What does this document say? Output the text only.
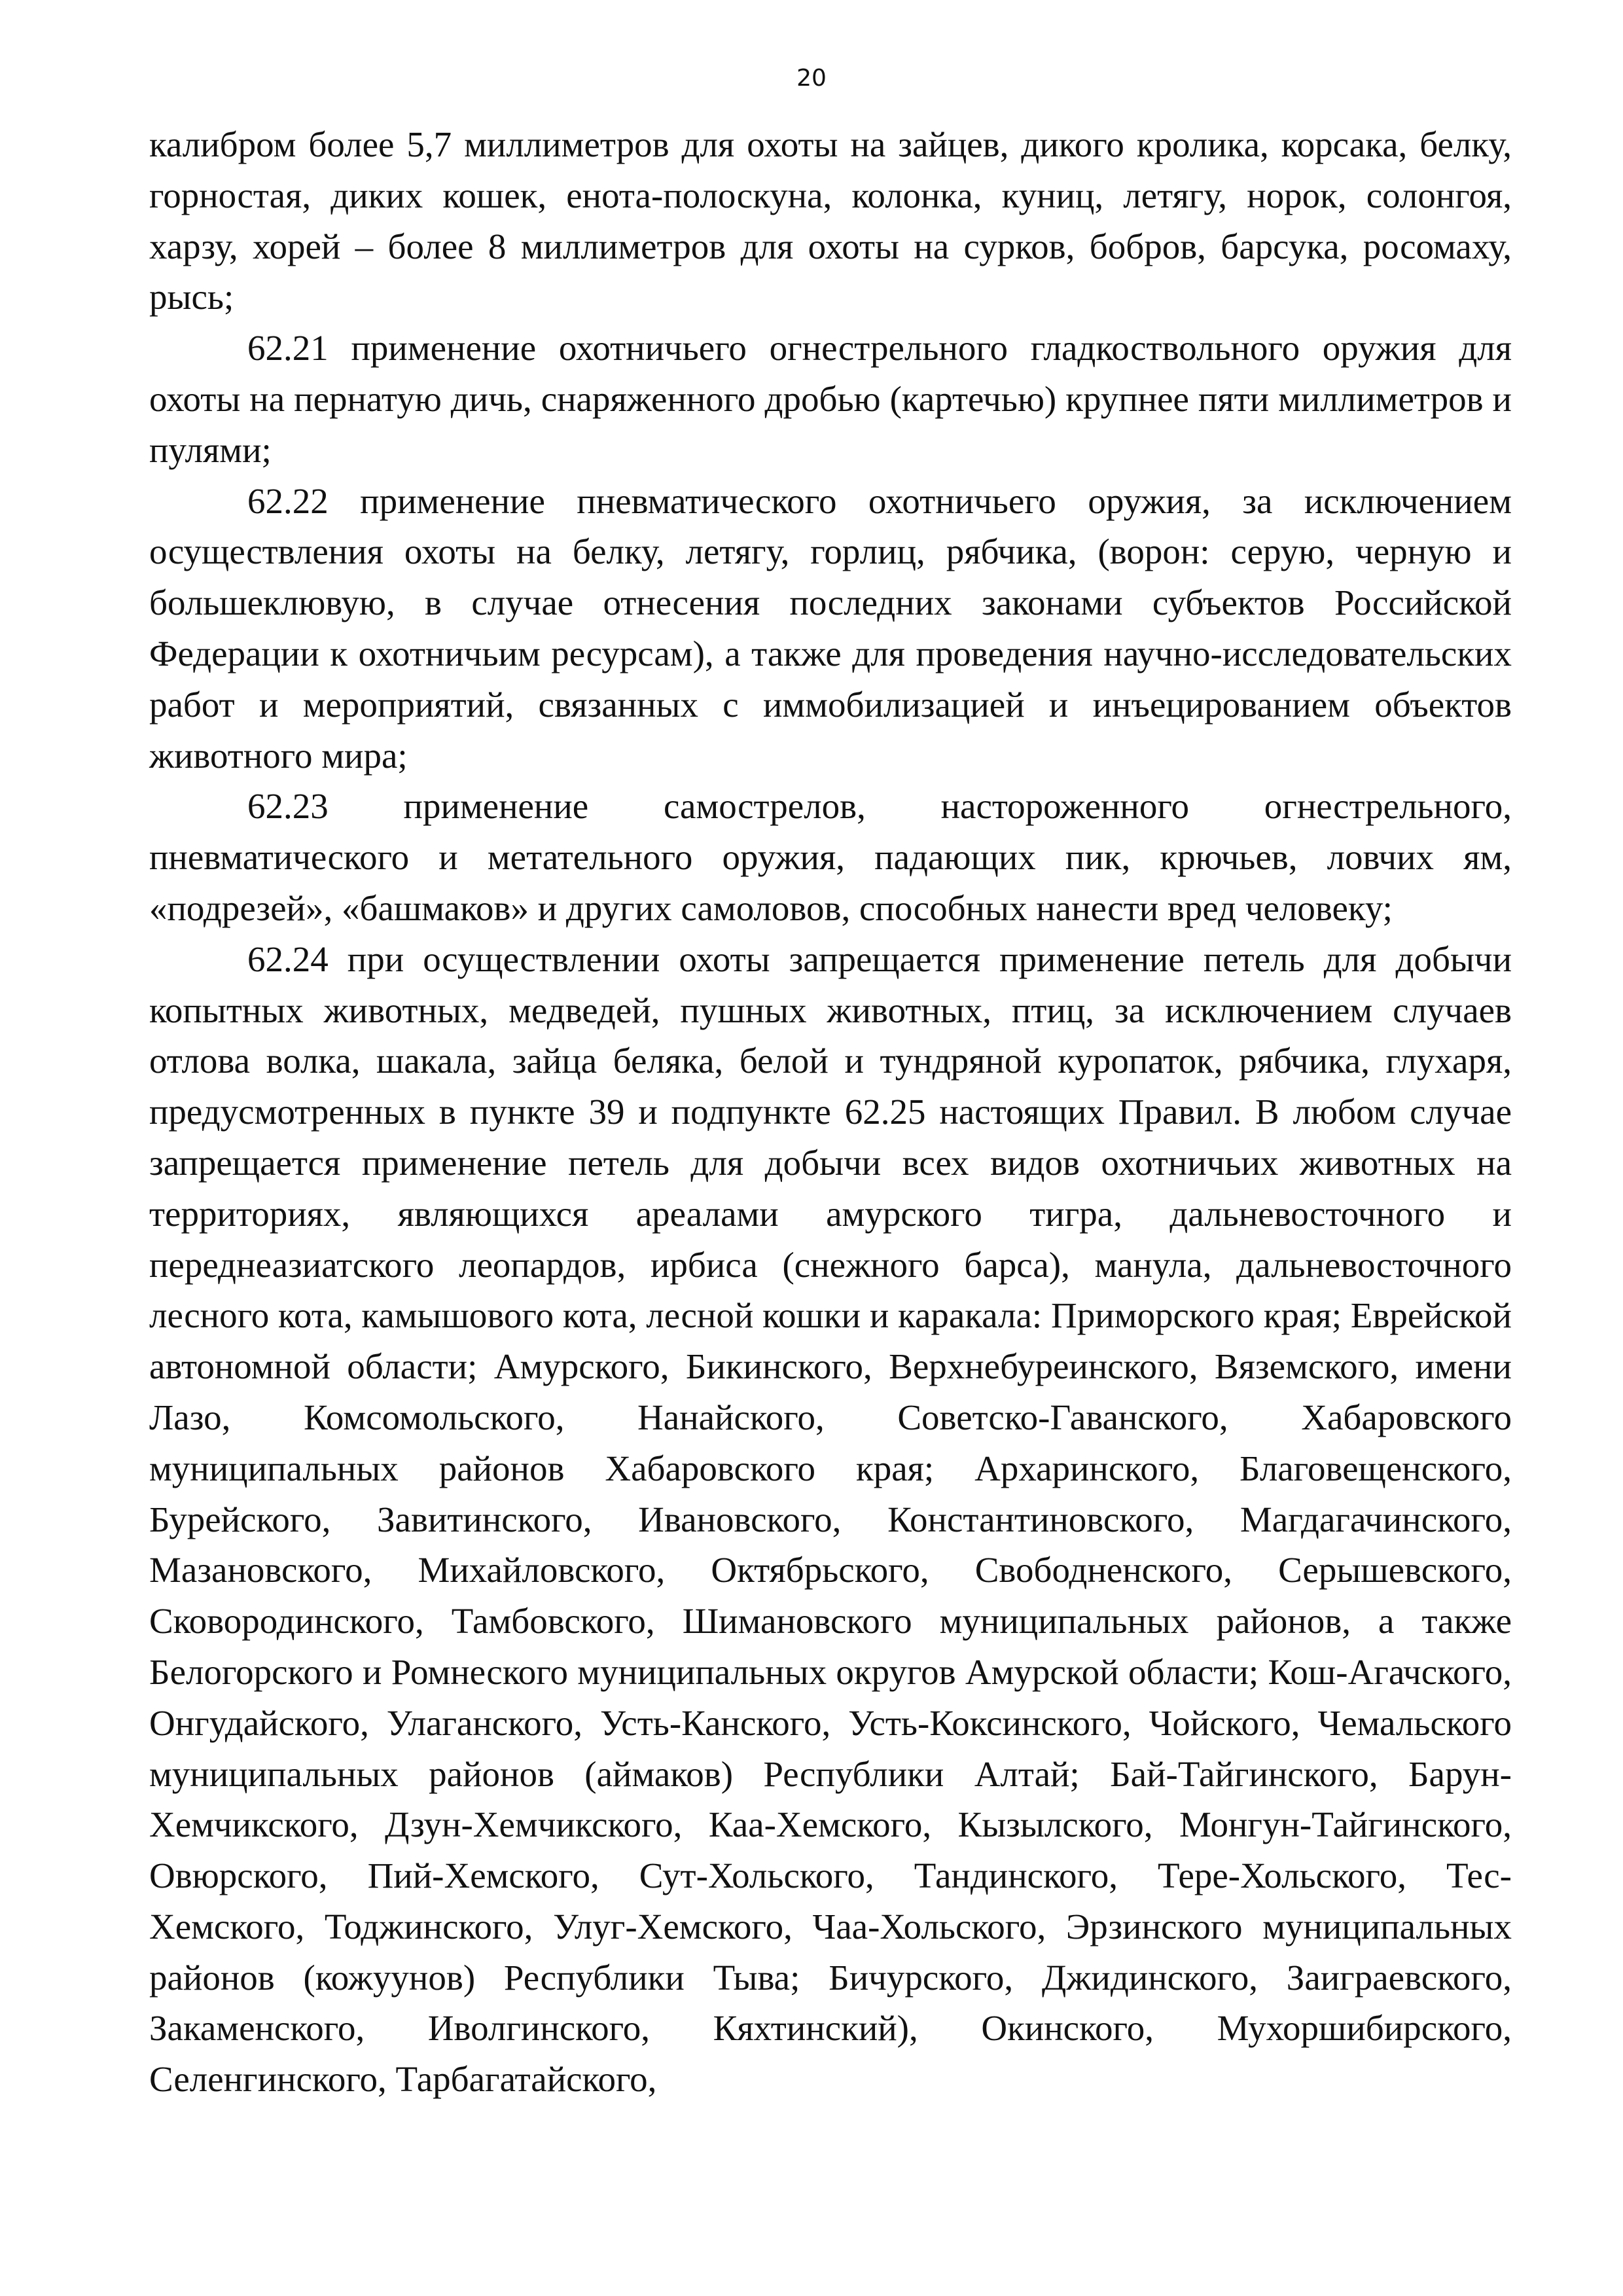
20

калибром более 5,7 миллиметров для охоты на зайцев, дикого кролика, корсака, белку, горностая, диких кошек, енота-полоскуна, колонка, куниц, летягу, норок, солонгоя, харзу, хорей – более 8 миллиметров для охоты на сурков, бобров, барсука, росомаху, рысь;

62.21 применение охотничьего огнестрельного гладкоствольного оружия для охоты на пернатую дичь, снаряженного дробью (картечью) крупнее пяти миллиметров и пулями;

62.22 применение пневматического охотничьего оружия, за исключением осуществления охоты на белку, летягу, горлиц, рябчика, (ворон: серую, черную и большеклювую, в случае отнесения последних законами субъектов Российской Федерации к охотничьим ресурсам), а также для проведения научно-исследовательских работ и мероприятий, связанных с иммобилизацией и инъецированием объектов животного мира;

62.23 применение самострелов, настороженного огнестрельного, пневматического и метательного оружия, падающих пик, крючьев, ловчих ям, «подрезей», «башмаков» и других самоловов, способных нанести вред человеку;

62.24 при осуществлении охоты запрещается применение петель для добычи копытных животных, медведей, пушных животных, птиц, за исключением случаев отлова волка, шакала, зайца беляка, белой и тундряной куропаток, рябчика, глухаря, предусмотренных в пункте 39 и подпункте 62.25 настоящих Правил. В любом случае запрещается применение петель для добычи всех видов охотничьих животных на территориях, являющихся ареалами амурского тигра, дальневосточного и переднеазиатского леопардов, ирбиса (снежного барса), манула, дальневосточного лесного кота, камышового кота, лесной кошки и каракала: Приморского края; Еврейской автономной области; Амурского, Бикинского, Верхнебуреинского, Вяземского, имени Лазо, Комсомольского, Нанайского, Советско-Гаванского, Хабаровского муниципальных районов Хабаровского края; Архаринского, Благовещенского, Бурейского, Завитинского, Ивановского, Константиновского, Магдагачинского, Мазановского, Михайловского, Октябрьского, Свободненского, Серышевского, Сковородинского, Тамбовского, Шимановского муниципальных районов, а также Белогорского и Ромнеского муниципальных округов Амурской области; Кош-Агачского, Онгудайского, Улаганского, Усть-Канского, Усть-Коксинского, Чойского, Чемальского муниципальных районов (аймаков) Республики Алтай; Бай-Тайгинского, Барун-Хемчикского, Дзун-Хемчикского, Каа-Хемского, Кызылского, Монгун-Тайгинского, Овюрского, Пий-Хемского, Сут-Хольского, Тандинского, Тере-Хольского, Тес-Хемского, Тоджинского, Улуг-Хемского, Чаа-Хольского, Эрзинского муниципальных районов (кожуунов) Республики Тыва; Бичурского, Джидинского, Заиграевского, Закаменского, Иволгинского, Кяхтинский), Окинского, Мухоршибирского, Селенгинского, Тарбагатайского,
